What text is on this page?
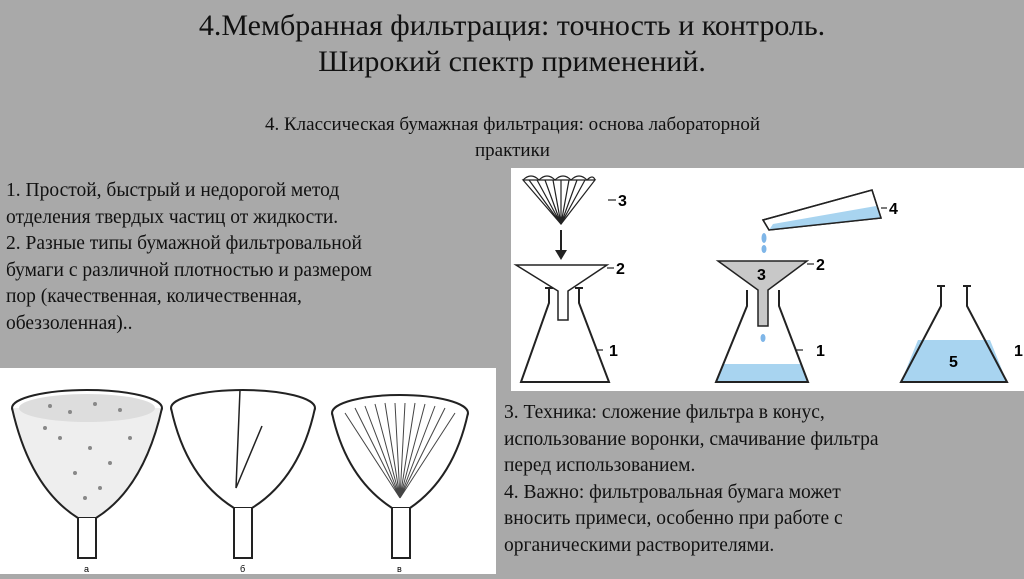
4.Мембранная фильтрация: точность и контроль.
Широкий спектр применений.
4. Классическая бумажная фильтрация: основа лабораторной
практики
1. Простой, быстрый и недорогой метод
отделения твердых частиц от жидкости.
2. Разные типы бумажной фильтровальной
бумаги с различной плотностью и размером
пор (качественная, количественная,
обеззоленная)..
3
2
1
4
3
2
1
5
1
а	б	в
3. Техника: сложение фильтра в конус,
использование воронки, смачивание фильтра
перед использованием.
4. Важно: фильтровальная бумага может
вносить примеси, особенно при работе с
органическими растворителями.
